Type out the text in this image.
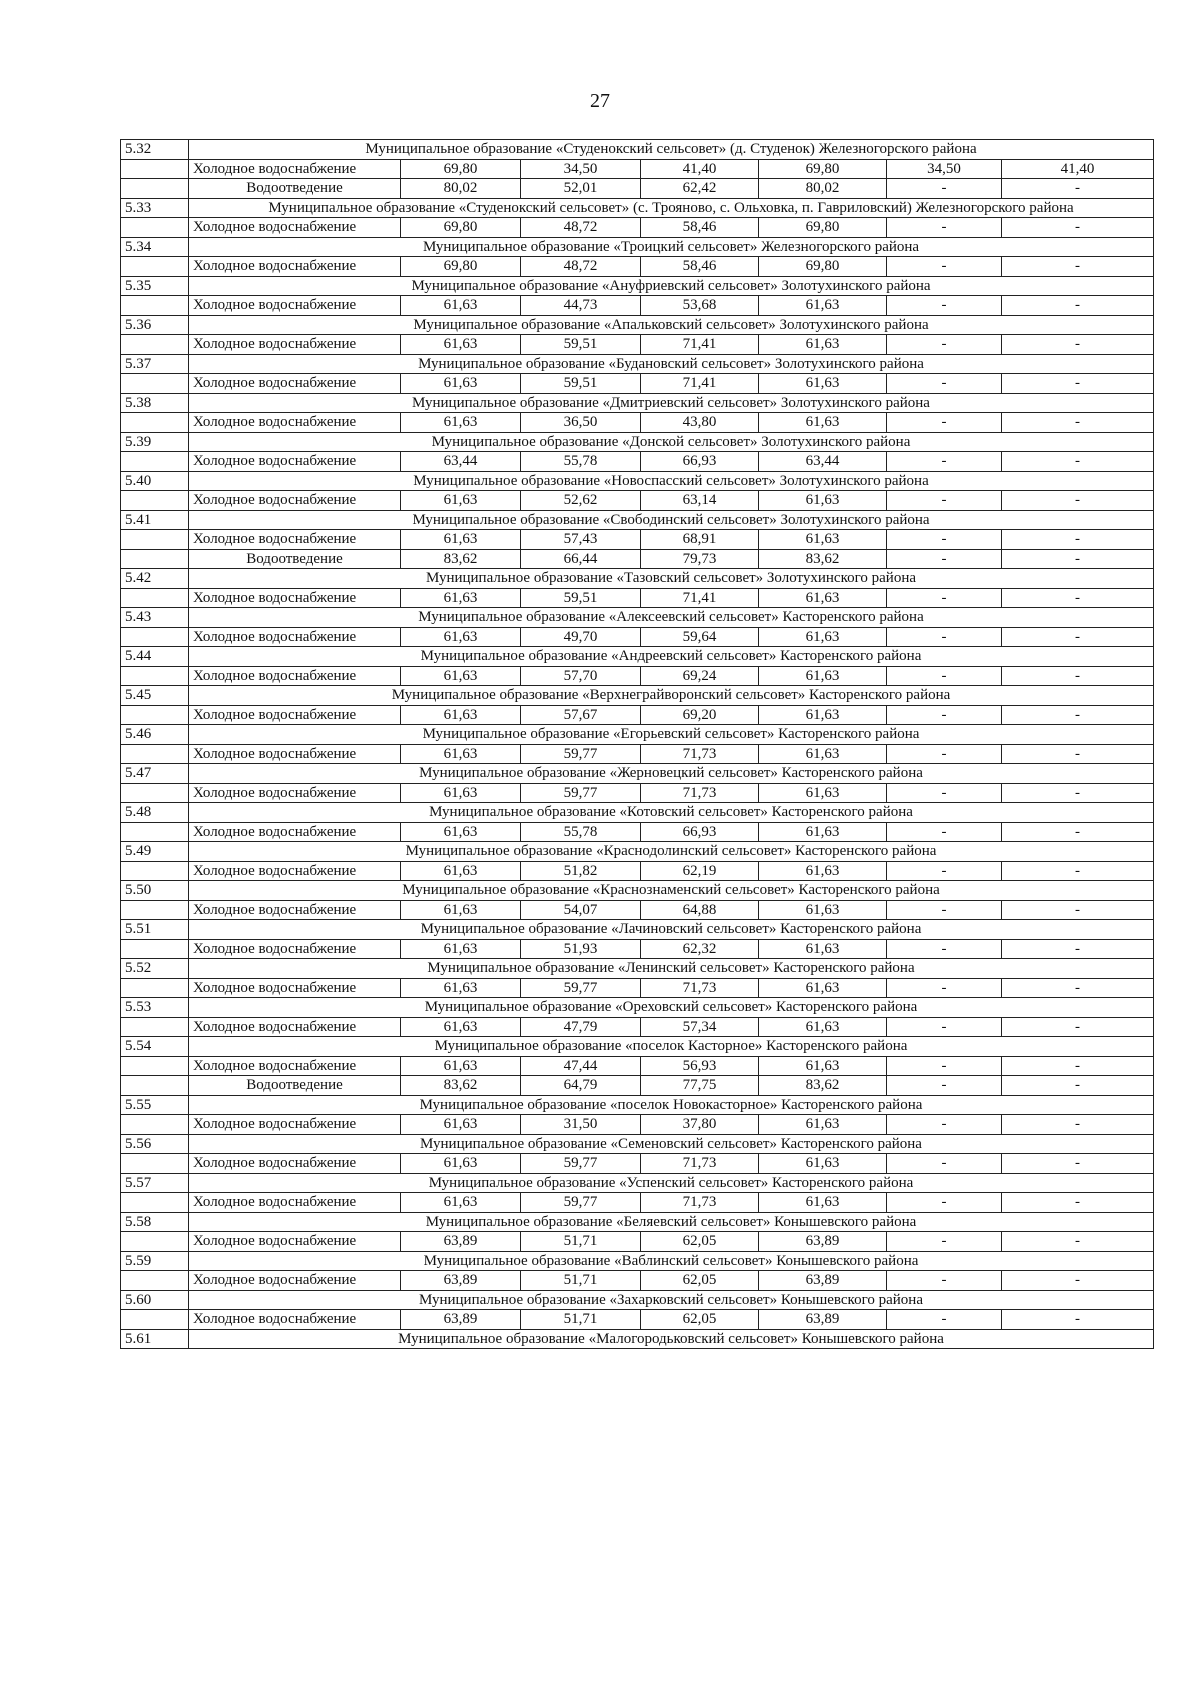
27
5.32	Муниципальное образование «Студенокский сельсовет» (д. Студенок) Железногорского района						
	Холодное водоснабжение	69,80	34,50	41,40	69,80	34,50	41,40
	Водоотведение	80,02	52,01	62,42	80,02	-	-
5.33	Муниципальное образование «Студенокский сельсовет» (с. Трояново, с. Ольховка, п. Гавриловский) Железногорского района						
	Холодное водоснабжение	69,80	48,72	58,46	69,80	-	-
5.34	Муниципальное образование «Троицкий сельсовет» Железногорского района						
	Холодное водоснабжение	69,80	48,72	58,46	69,80	-	-
5.35	Муниципальное образование «Ануфриевский сельсовет» Золотухинского района						
	Холодное водоснабжение	61,63	44,73	53,68	61,63	-	-
5.36	Муниципальное образование «Апальковский сельсовет» Золотухинского района						
	Холодное водоснабжение	61,63	59,51	71,41	61,63	-	-
5.37	Муниципальное образование «Будановский сельсовет» Золотухинского района						
	Холодное водоснабжение	61,63	59,51	71,41	61,63	-	-
5.38	Муниципальное образование «Дмитриевский сельсовет» Золотухинского района						
	Холодное водоснабжение	61,63	36,50	43,80	61,63	-	-
5.39	Муниципальное образование «Донской сельсовет» Золотухинского района						
	Холодное водоснабжение	63,44	55,78	66,93	63,44	-	-
5.40	Муниципальное образование «Новоспасский сельсовет» Золотухинского района						
	Холодное водоснабжение	61,63	52,62	63,14	61,63	-	-
5.41	Муниципальное образование «Свободинский сельсовет» Золотухинского района						
	Холодное водоснабжение	61,63	57,43	68,91	61,63	-	-
	Водоотведение	83,62	66,44	79,73	83,62	-	-
5.42	Муниципальное образование «Тазовский сельсовет» Золотухинского района						
	Холодное водоснабжение	61,63	59,51	71,41	61,63	-	-
5.43	Муниципальное образование «Алексеевский сельсовет» Касторенского района						
	Холодное водоснабжение	61,63	49,70	59,64	61,63	-	-
5.44	Муниципальное образование «Андреевский сельсовет» Касторенского района						
	Холодное водоснабжение	61,63	57,70	69,24	61,63	-	-
5.45	Муниципальное образование «Верхнеграйворонский сельсовет» Касторенского района						
	Холодное водоснабжение	61,63	57,67	69,20	61,63	-	-
5.46	Муниципальное образование «Егорьевский сельсовет» Касторенского района						
	Холодное водоснабжение	61,63	59,77	71,73	61,63	-	-
5.47	Муниципальное образование «Жерновецкий сельсовет» Касторенского района						
	Холодное водоснабжение	61,63	59,77	71,73	61,63	-	-
5.48	Муниципальное образование «Котовский сельсовет» Касторенского района						
	Холодное водоснабжение	61,63	55,78	66,93	61,63	-	-
5.49	Муниципальное образование «Краснодолинский сельсовет» Касторенского района						
	Холодное водоснабжение	61,63	51,82	62,19	61,63	-	-
5.50	Муниципальное образование «Краснознаменский сельсовет» Касторенского района						
	Холодное водоснабжение	61,63	54,07	64,88	61,63	-	-
5.51	Муниципальное образование «Лачиновский сельсовет» Касторенского района						
	Холодное водоснабжение	61,63	51,93	62,32	61,63	-	-
5.52	Муниципальное образование «Ленинский сельсовет» Касторенского района						
	Холодное водоснабжение	61,63	59,77	71,73	61,63	-	-
5.53	Муниципальное образование «Ореховский сельсовет» Касторенского района						
	Холодное водоснабжение	61,63	47,79	57,34	61,63	-	-
5.54	Муниципальное образование «поселок Касторное» Касторенского района						
	Холодное водоснабжение	61,63	47,44	56,93	61,63	-	-
	Водоотведение	83,62	64,79	77,75	83,62	-	-
5.55	Муниципальное образование «поселок Новокасторное» Касторенского района						
	Холодное водоснабжение	61,63	31,50	37,80	61,63	-	-
5.56	Муниципальное образование «Семеновский сельсовет» Касторенского района						
	Холодное водоснабжение	61,63	59,77	71,73	61,63	-	-
5.57	Муниципальное образование «Успенский сельсовет» Касторенского района						
	Холодное водоснабжение	61,63	59,77	71,73	61,63	-	-
5.58	Муниципальное образование «Беляевский сельсовет» Конышевского района						
	Холодное водоснабжение	63,89	51,71	62,05	63,89	-	-
5.59	Муниципальное образование «Ваблинский сельсовет» Конышевского района						
	Холодное водоснабжение	63,89	51,71	62,05	63,89	-	-
5.60	Муниципальное образование «Захарковский сельсовет» Конышевского района						
	Холодное водоснабжение	63,89	51,71	62,05	63,89	-	-
5.61	Муниципальное образование «Малогородьковский сельсовет» Конышевского района						
